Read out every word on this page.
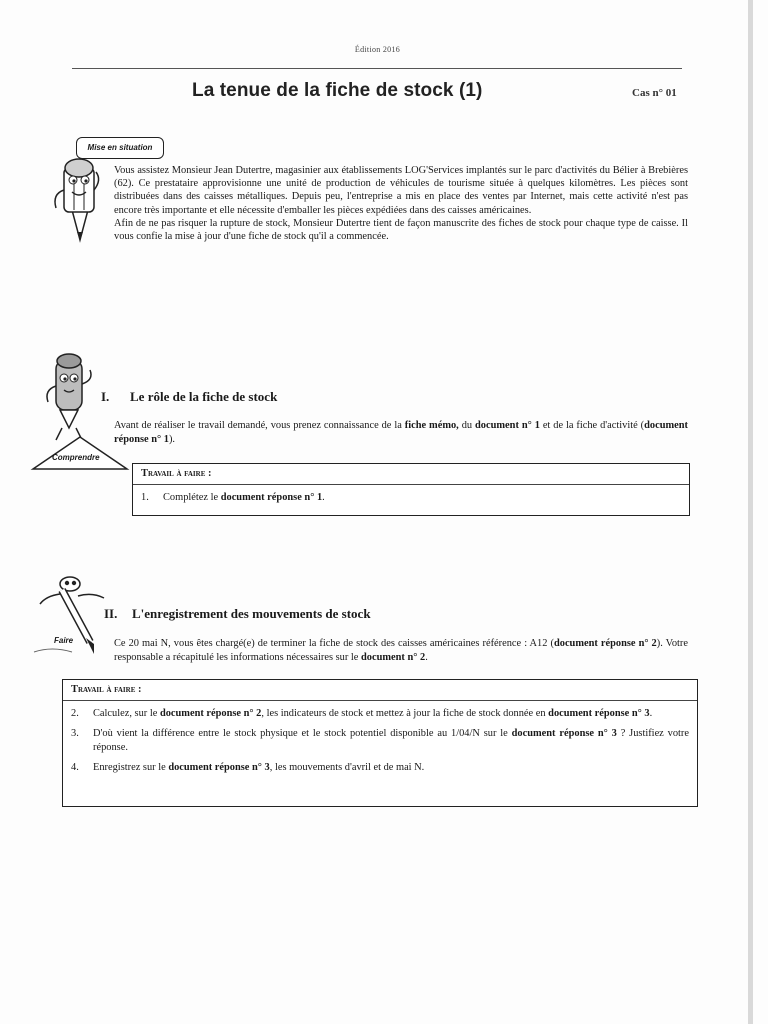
Édition 2016
La tenue de la fiche de stock (1)	Cas n° 01
Mise en situation

Vous assistez Monsieur Jean Dutertre, magasinier aux établissements LOG'Services implantés sur le parc d'activités du Bélier à Brebières (62). Ce prestataire approvisionne une unité de production de véhicules de tourisme située à quelques kilomètres. Les pièces sont distribuées dans des caisses métalliques. Depuis peu, l'entreprise a mis en place des ventes par Internet, mais cette activité n'est pas encore très importante et elle nécessite d'emballer les pièces expédiées dans des caisses américaines.

Afin de ne pas risquer la rupture de stock, Monsieur Dutertre tient de façon manuscrite des fiches de stock pour chaque type de caisse. Il vous confie la mise à jour d'une fiche de stock qu'il a commencée.

Comprendre
I. Le rôle de la fiche de stock
Avant de réaliser le travail demandé, vous prenez connaissance de la fiche mémo, du document n° 1 et de la fiche d'activité (document réponse n° 1).
Travail à faire :
1.	Complétez le document réponse n° 1.
Faire
II. L'enregistrement des mouvements de stock
Ce 20 mai N, vous êtes chargé(e) de terminer la fiche de stock des caisses américaines référence : A12 (document réponse n° 2). Votre responsable a récapitulé les informations nécessaires sur le document n° 2.
Travail à faire :
2.	Calculez, sur le document réponse n° 2, les indicateurs de stock et mettez à jour la fiche de stock donnée en document réponse n° 3.
3.	D'où vient la différence entre le stock physique et le stock potentiel disponible au 1/04/N sur le document réponse n° 3 ? Justifiez votre réponse.
4.	Enregistrez sur le document réponse n° 3, les mouvements d'avril et de mai N.
